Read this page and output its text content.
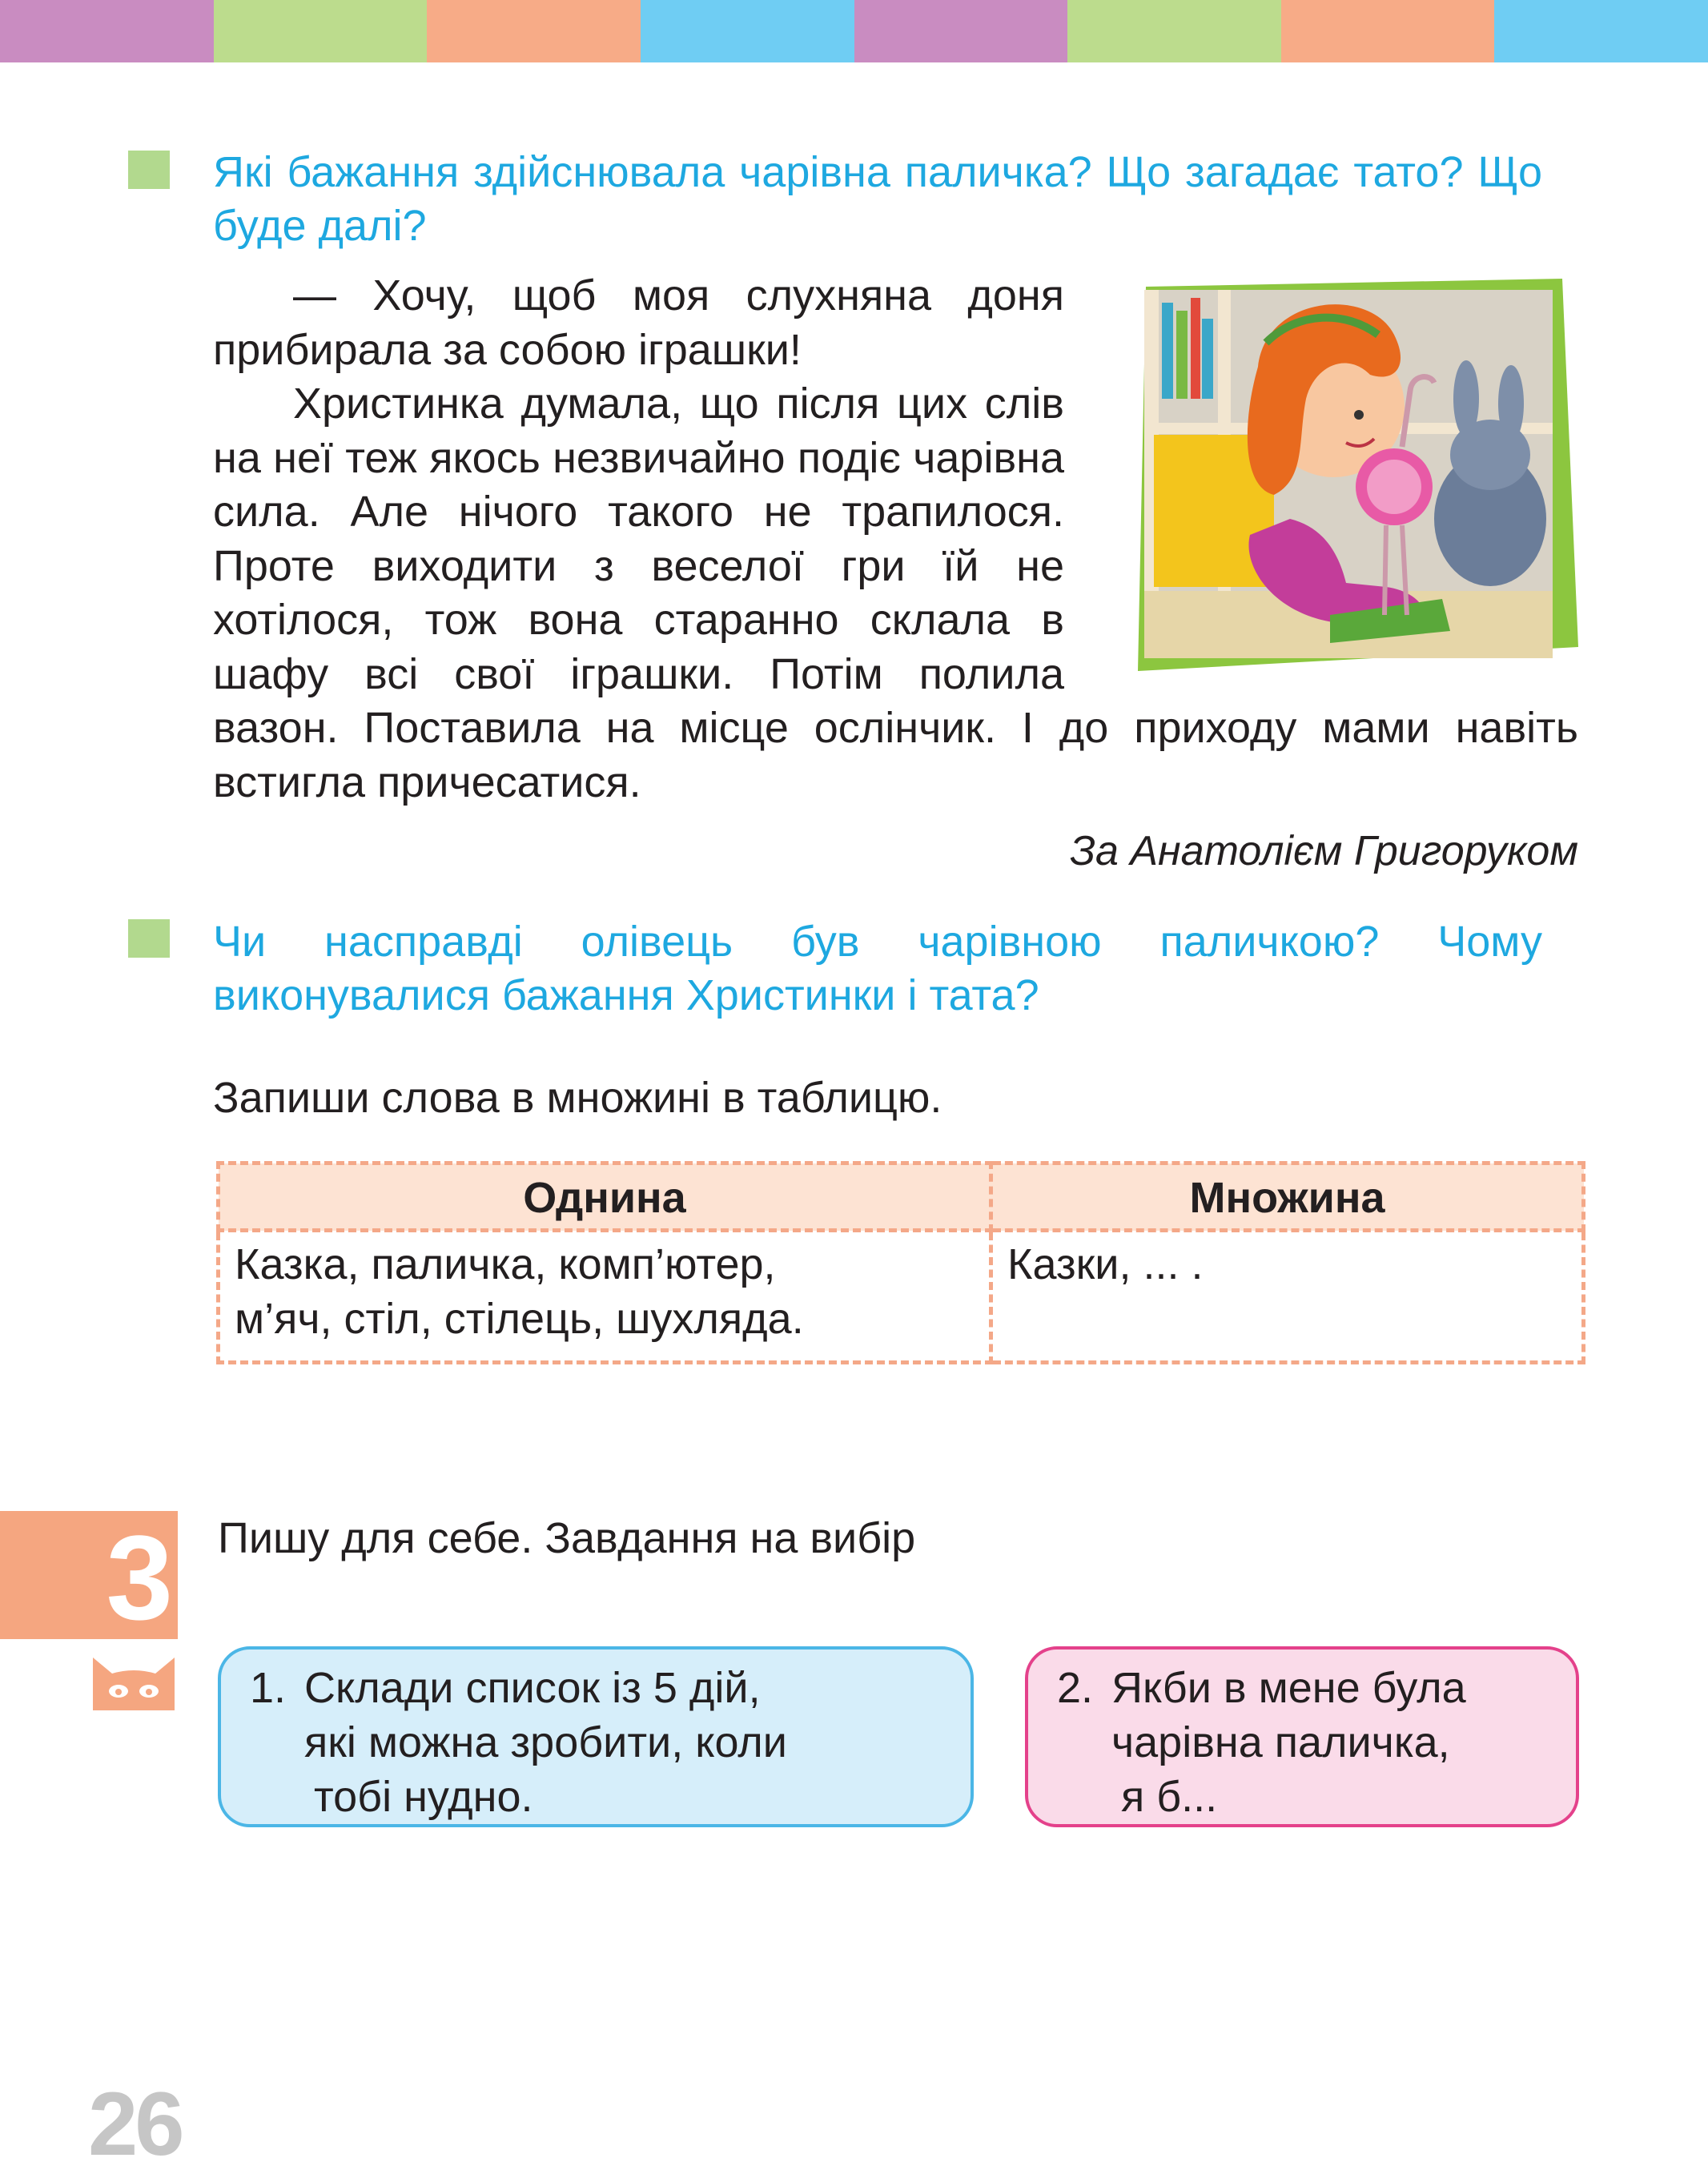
Які бажання здійснювала чарівна паличка? Що загадає тато? Що буде далі?

— Хочу, щоб моя слухняна доня прибирала за собою іграшки!
Христинка думала, що після цих слів на неї теж якось незвичайно подіє чарівна сила. Але нічого такого не трапилося. Проте виходити з веселої гри їй не хотілося, тож вона старанно склала в шафу всі свої іграшки. Потім полила вазон. Поставила на місце ослінчик. І до приходу мами навіть встигла причесатися.

За Анатолієм Григоруком

Чи насправді олівець був чарівною паличкою? Чому виконувалися бажання Христинки і тата?

Запиши слова в множині в таблицю.

Однина	Множина

Казка, паличка, комп’ютер,
м’яч, стіл, стілець, шухляда.	Казки, ... .
3 Пишу для себе. Завдання на вибір

1. Склади список із 5 дій,
які можна зробити, коли
тобі нудно.
2. Якби в мене була
чарівна паличка,
я б...
26
